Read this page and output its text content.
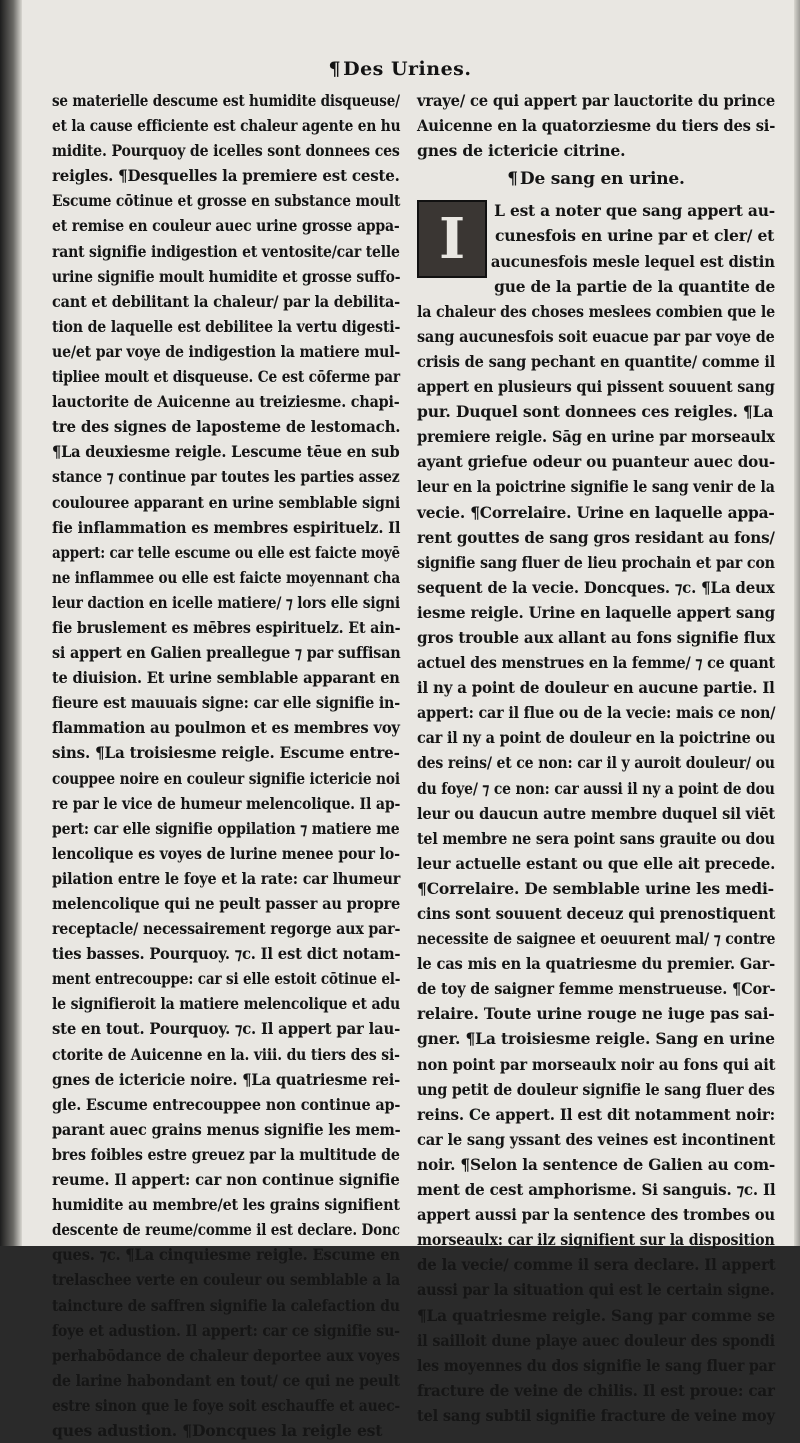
¶ Des Urines.
se materielle descume est humidite disqueuse/
et la cause efficiente est chaleur agente en hu
midite. Pourquoy de icelles sont donnees ces
reigles. ¶Desquelles la premiere est ceste.
Escume cōtinue et grosse en substance moult
et remise en couleur auec urine grosse appa-
rant signifie indigestion et ventosite/car telle
urine signifie moult humidite et grosse suffo-
cant et debilitant la chaleur/ par la debilita-
tion de laquelle est debilitee la vertu digesti-
ue/et par voye de indigestion la matiere mul-
tipliee moult et disqueuse. Ce est cōferme par
lauctorite de Auicenne au treiziesme. chapi-
tre des signes de laposteme de lestomach.
¶La deuxiesme reigle. Lescume tēue en sub
stance ⁊ continue par toutes les parties assez
coulouree apparant en urine semblable signi
fie inflammation es membres espirituelz. Il
appert: car telle escume ou elle est faicte moyē
ne inflammee ou elle est faicte moyennant cha
leur daction en icelle matiere/ ⁊ lors elle signi
fie bruslement es mēbres espirituelz. Et ain-
si appert en Galien preallegue ⁊ par suffisan
te diuision. Et urine semblable apparant en
fieure est mauuais signe: car elle signifie in-
flammation au poulmon et es membres voy
sins. ¶La troisiesme reigle. Escume entre-
couppee noire en couleur signifie ictericie noi
re par le vice de humeur melencolique. Il ap-
pert: car elle signifie oppilation ⁊ matiere me
lencolique es voyes de lurine menee pour lo-
pilation entre le foye et la rate: car lhumeur
melencolique qui ne peult passer au propre
receptacle/ necessairement regorge aux par-
ties basses. Pourquoy. ⁊c. Il est dict notam-
ment entrecouppe: car si elle estoit cōtinue el-
le signifieroit la matiere melencolique et adu
ste en tout. Pourquoy. ⁊c. Il appert par lau-
ctorite de Auicenne en la. viii. du tiers des si-
gnes de ictericie noire. ¶La quatriesme rei-
gle. Escume entrecouppee non continue ap-
parant auec grains menus signifie les mem-
bres foibles estre greuez par la multitude de
reume. Il appert: car non continue signifie
humidite au membre/et les grains signifient
descente de reume/comme il est declare. Donc
ques. ⁊c. ¶La cinquiesme reigle. Escume en
trelaschee verte en couleur ou semblable a la
taincture de saffren signifie la calefaction du
foye et adustion. Il appert: car ce signifie su-
perhabōdance de chaleur deportee aux voyes
de larine habondant en tout/ ce qui ne peult
estre sinon que le foye soit eschauffe et auec-
ques adustion. ¶Doncques la reigle est
vraye/ ce qui appert par lauctorite du prince
Auicenne en la quatorziesme du tiers des si-
gnes de ictericie citrine.
¶ De sang en urine.
I	L est a noter que sang appert au-
cunesfois en urine par et cler/ et
aucunesfois mesle lequel est distin
gue de la partie de la quantite de
la chaleur des choses meslees combien que le
sang aucunesfois soit euacue par par voye de
crisis de sang pechant en quantite/ comme il
appert en plusieurs qui pissent souuent sang
pur. Duquel sont donnees ces reigles. ¶La
premiere reigle. Sāg en urine par morseaulx
ayant griefue odeur ou puanteur auec dou-
leur en la poictrine signifie le sang venir de la
vecie. ¶Correlaire. Urine en laquelle appa-
rent gouttes de sang gros residant au fons/
signifie sang fluer de lieu prochain et par con
sequent de la vecie. Doncques. ⁊c. ¶La deux
iesme reigle. Urine en laquelle appert sang
gros trouble aux allant au fons signifie flux
actuel des menstrues en la femme/ ⁊ ce quant
il ny a point de douleur en aucune partie. Il
appert: car il flue ou de la vecie: mais ce non/
car il ny a point de douleur en la poictrine ou
des reins/ et ce non: car il y auroit douleur/ ou
du foye/ ⁊ ce non: car aussi il ny a point de dou
leur ou daucun autre membre duquel sil viēt
tel membre ne sera point sans grauite ou dou
leur actuelle estant ou que elle ait precede.
¶Correlaire. De semblable urine les medi-
cins sont souuent deceuz qui prenostiquent
necessite de saignee et oeuurent mal/ ⁊ contre
le cas mis en la quatriesme du premier. Gar-
de toy de saigner femme menstrueuse. ¶Cor-
relaire. Toute urine rouge ne iuge pas sai-
gner. ¶La troisiesme reigle. Sang en urine
non point par morseaulx noir au fons qui ait
ung petit de douleur signifie le sang fluer des
reins. Ce appert. Il est dit notamment noir:
car le sang yssant des veines est incontinent
noir. ¶Selon la sentence de Galien au com-
ment de cest amphorisme. Si sanguis. ⁊c. Il
appert aussi par la sentence des trombes ou
morseaulx: car ilz signifient sur la disposition
de la vecie/ comme il sera declare. Il appert
aussi par la situation qui est le certain signe.
¶La quatriesme reigle. Sang par comme se
il sailloit dune playe auec douleur des spondi
les moyennes du dos signifie le sang fluer par
fracture de veine de chilis. Il est proue: car
tel sang subtil signifie fracture de veine moy
